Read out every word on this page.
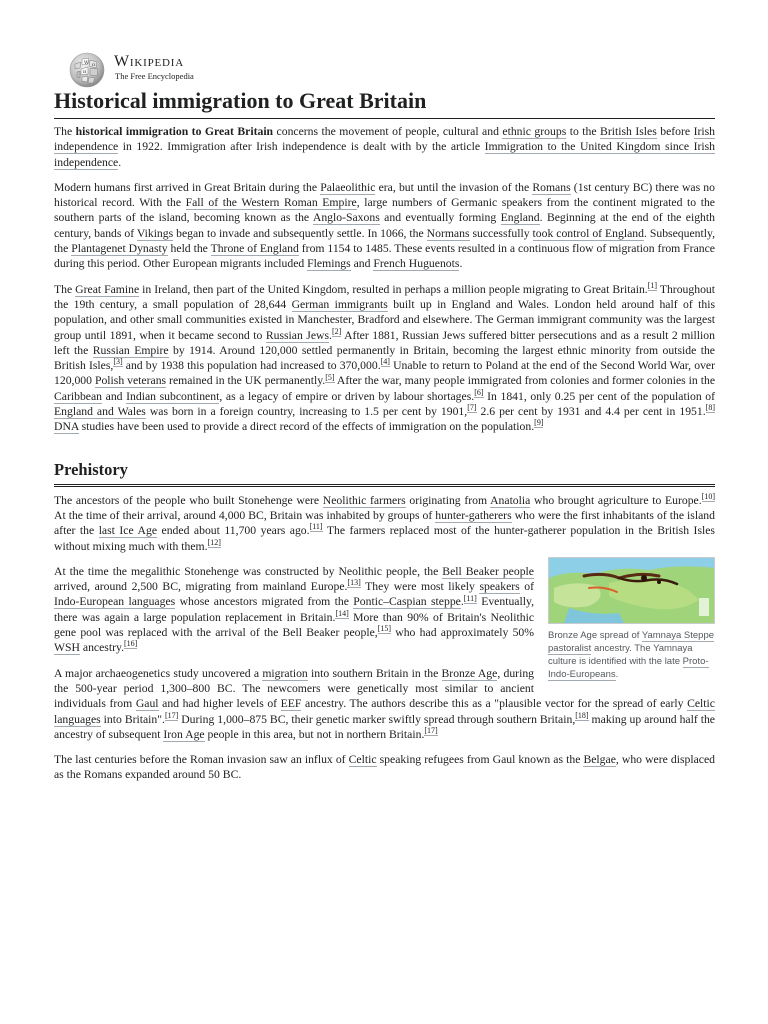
W Ω
И
Wikipedia
The Free Encyclopedia
Historical immigration to Great Britain

The historical immigration to Great Britain concerns the movement of people, cultural and ethnic groups to the British Isles before Irish independence in 1922. Immigration after Irish independence is dealt with by the article Immigration to the United Kingdom since Irish independence.

Modern humans first arrived in Great Britain during the Palaeolithic era, but until the invasion of the Romans (1st century BC) there was no historical record. With the Fall of the Western Roman Empire, large numbers of Germanic speakers from the continent migrated to the southern parts of the island, becoming known as the Anglo-Saxons and eventually forming England. Beginning at the end of the eighth century, bands of Vikings began to invade and subsequently settle. In 1066, the Normans successfully took control of England. Subsequently, the Plantagenet Dynasty held the Throne of England from 1154 to 1485. These events resulted in a continuous flow of migration from France during this period. Other European migrants included Flemings and French Huguenots.

The Great Famine in Ireland, then part of the United Kingdom, resulted in perhaps a million people migrating to Great Britain.[1] Throughout the 19th century, a small population of 28,644 German immigrants built up in England and Wales. London held around half of this population, and other small communities existed in Manchester, Bradford and elsewhere. The German immigrant community was the largest group until 1891, when it became second to Russian Jews.[2] After 1881, Russian Jews suffered bitter persecutions and as a result 2 million left the Russian Empire by 1914. Around 120,000 settled permanently in Britain, becoming the largest ethnic minority from outside the British Isles,[3] and by 1938 this population had increased to 370,000.[4] Unable to return to Poland at the end of the Second World War, over 120,000 Polish veterans remained in the UK permanently.[5] After the war, many people immigrated from colonies and former colonies in the Caribbean and Indian subcontinent, as a legacy of empire or driven by labour shortages.[6] In 1841, only 0.25 per cent of the population of England and Wales was born in a foreign country, increasing to 1.5 per cent by 1901,[7] 2.6 per cent by 1931 and 4.4 per cent in 1951.[8] DNA studies have been used to provide a direct record of the effects of immigration on the population.[9]

Prehistory

The ancestors of the people who built Stonehenge were Neolithic farmers originating from Anatolia who brought agriculture to Europe.[10] At the time of their arrival, around 4,000 BC, Britain was inhabited by groups of hunter-gatherers who were the first inhabitants of the island after the last Ice Age ended about 11,700 years ago.[11] The farmers replaced most of the hunter-gatherer population in the British Isles without mixing much with them.[12]

Bronze Age spread of Yamnaya Steppe pastoralist ancestry. The Yamnaya culture is identified with the late Proto-Indo-Europeans.

At the time the megalithic Stonehenge was constructed by Neolithic people, the Bell Beaker people arrived, around 2,500 BC, migrating from mainland Europe.[13] They were most likely speakers of Indo-European languages whose ancestors migrated from the Pontic–Caspian steppe.[11] Eventually, there was again a large population replacement in Britain.[14] More than 90% of Britain's Neolithic gene pool was replaced with the arrival of the Bell Beaker people,[15] who had approximately 50% WSH ancestry.[16]

A major archaeogenetics study uncovered a migration into southern Britain in the Bronze Age, during the 500-year period 1,300–800 BC. The newcomers were genetically most similar to ancient individuals from Gaul and had higher levels of EEF ancestry. The authors describe this as a "plausible vector for the spread of early Celtic languages into Britain".[17] During 1,000–875 BC, their genetic marker swiftly spread through southern Britain,[18] making up around half the ancestry of subsequent Iron Age people in this area, but not in northern Britain.[17]

The last centuries before the Roman invasion saw an influx of Celtic speaking refugees from Gaul known as the Belgae, who were displaced as the Romans expanded around 50 BC.
